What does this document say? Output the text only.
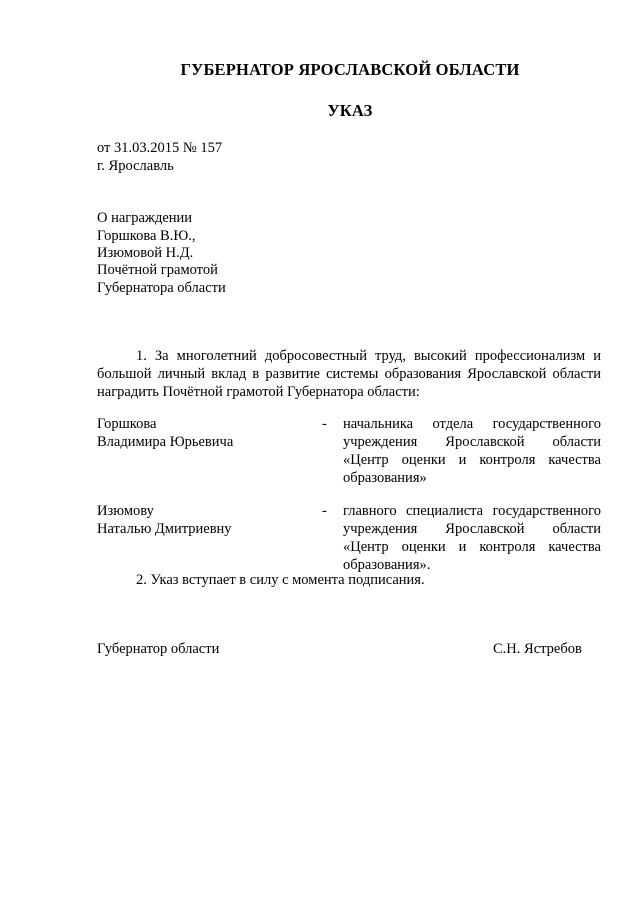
ГУБЕРНАТОР ЯРОСЛАВСКОЙ ОБЛАСТИ
УКАЗ
от 31.03.2015 № 157
г. Ярославль
О награждении
Горшкова В.Ю.,
Изюмовой Н.Д.
Почётной грамотой
Губернатора области
1. За многолетний добросовестный труд, высокий профессионализм и большой личный вклад в развитие системы образования Ярославской области наградить Почётной грамотой Губернатора области:
Горшкова
Владимира Юрьевича
- начальника отдела государственного
учреждения Ярославской области
«Центр оценки и контроля качества
образования»
Изюмову
Наталью Дмитриевну
- главного специалиста государственного
учреждения Ярославской области
«Центр оценки и контроля качества
образования».
2. Указ вступает в силу с момента подписания.
Губернатор области	С.Н. Ястребов
